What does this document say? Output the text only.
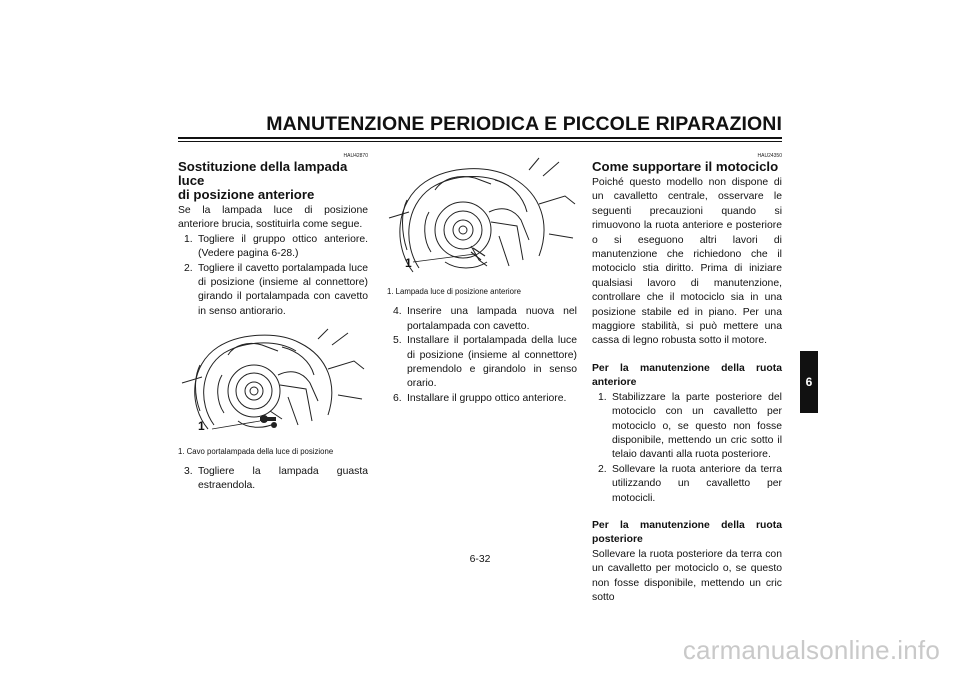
MANUTENZIONE PERIODICA E PICCOLE RIPARAZIONI
HAU42870
Sostituzione della lampada luce
di posizione anteriore

Se la lampada luce di posizione anteriore brucia, sostituirla come segue.

1. Togliere il gruppo ottico anteriore. (Vedere pagina 6-28.)
2. Togliere il cavetto portalampada luce di posizione (insieme al connettore) girando il portalampada con cavetto in senso antiorario.
1
1. Cavo portalampada della luce di posizione
3. Togliere la lampada guasta estraendola.
1
1. Lampada luce di posizione anteriore
4. Inserire una lampada nuova nel portalampada con cavetto.
5. Installare il portalampada della luce di posizione (insieme al connettore) premendolo e girandolo in senso orario.
6. Installare il gruppo ottico anteriore.
HAU24350
Come supportare il motociclo

Poiché questo modello non dispone di un cavalletto centrale, osservare le seguenti precauzioni quando si rimuovono la ruota anteriore e posteriore o si eseguono altri lavori di manutenzione che richiedono che il motociclo stia diritto. Prima di iniziare qualsiasi lavoro di manutenzione, controllare che il motociclo sia in una posizione stabile ed in piano. Per una maggiore stabilità, si può mettere una cassa di legno robusta sotto il motore.

Per la manutenzione della ruota anteriore
1. Stabilizzare la parte posteriore del motociclo con un cavalletto per motociclo o, se questo non fosse disponibile, mettendo un cric sotto il telaio davanti alla ruota posteriore.
2. Sollevare la ruota anteriore da terra utilizzando un cavalletto per motocicli.
Per la manutenzione della ruota posteriore

Sollevare la ruota posteriore da terra con un cavalletto per motociclo o, se questo non fosse disponibile, mettendo un cric sotto

6
6-32
carmanualsonline.info
